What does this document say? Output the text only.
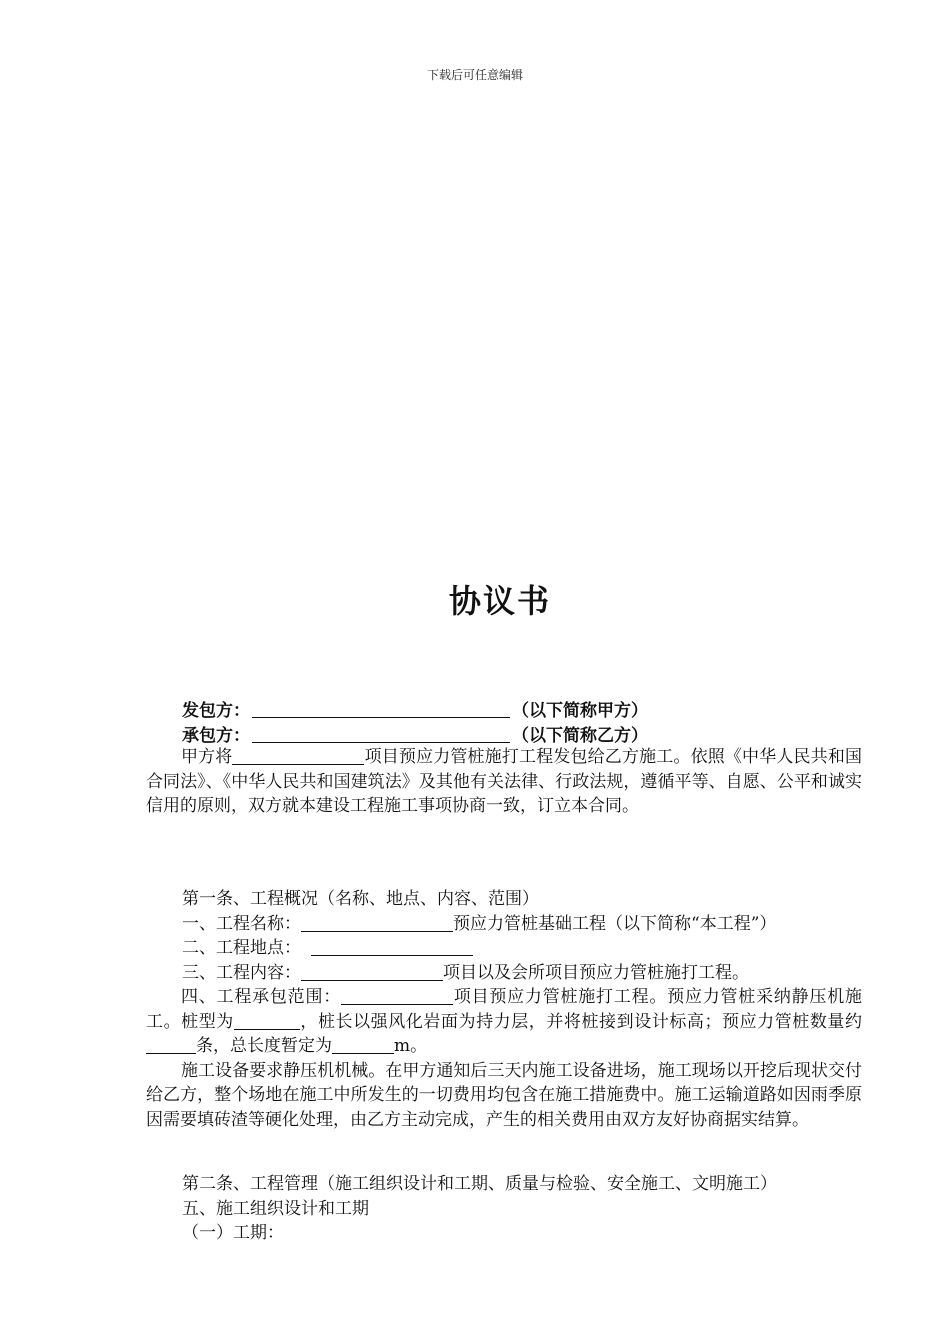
下载后可任意编辑
协议书
发包方：	（以下简称甲方）
承包方：	（以下简称乙方）

甲方将	项目预应力管桩施打工程发包给乙方施工。依照《中华人民共和国合同法》、《中华人民共和国建筑法》及其他有关法律、行政法规，遵循平等、自愿、公平和诚实信用的原则，双方就本建设工程施工事项协商一致，订立本合同。

第一条、工程概况（名称、地点、内容、范围）
一、工程名称：	预应力管桩基础工程（以下简称“本工程”）
二、工程地点：
三、工程内容：	项目以及会所项目预应力管桩施打工程。

四、工程承包范围：	项目预应力管桩施打工程。预应力管桩采纳静压机施工。桩型为	，桩长以强风化岩面为持力层，并将桩接到设计标高；预应力管桩数量约条，总长度暂定为	m。

施工设备要求静压机机械。在甲方通知后三天内施工设备进场，施工现场以开挖后现状交付给乙方，整个场地在施工中所发生的一切费用均包含在施工措施费中。施工运输道路如因雨季原因需要填砖渣等硬化处理，由乙方主动完成，产生的相关费用由双方友好协商据实结算。

第二条、工程管理（施工组织设计和工期、质量与检验、安全施工、文明施工）
五、施工组织设计和工期
（一）工期：
